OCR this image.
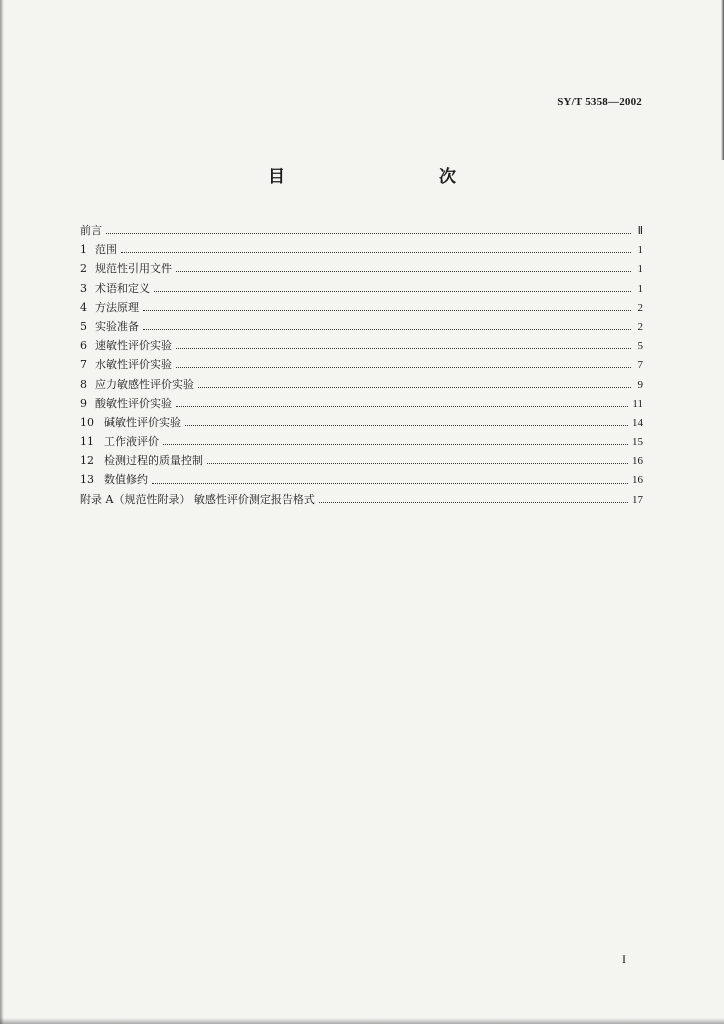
SY/T 5358—2002
目　　次
前言	Ⅱ
1 范围	1
2 规范性引用文件	1
3 术语和定义	1
4 方法原理	2
5 实验准备	2
6 速敏性评价实验	5
7 水敏性评价实验	7
8 应力敏感性评价实验	9
9 酸敏性评价实验	11
10 碱敏性评价实验	14
11 工作液评价	15
12 检测过程的质量控制	16
13 数值修约	16
附录 A（规范性附录） 敏感性评价测定报告格式	17
I
